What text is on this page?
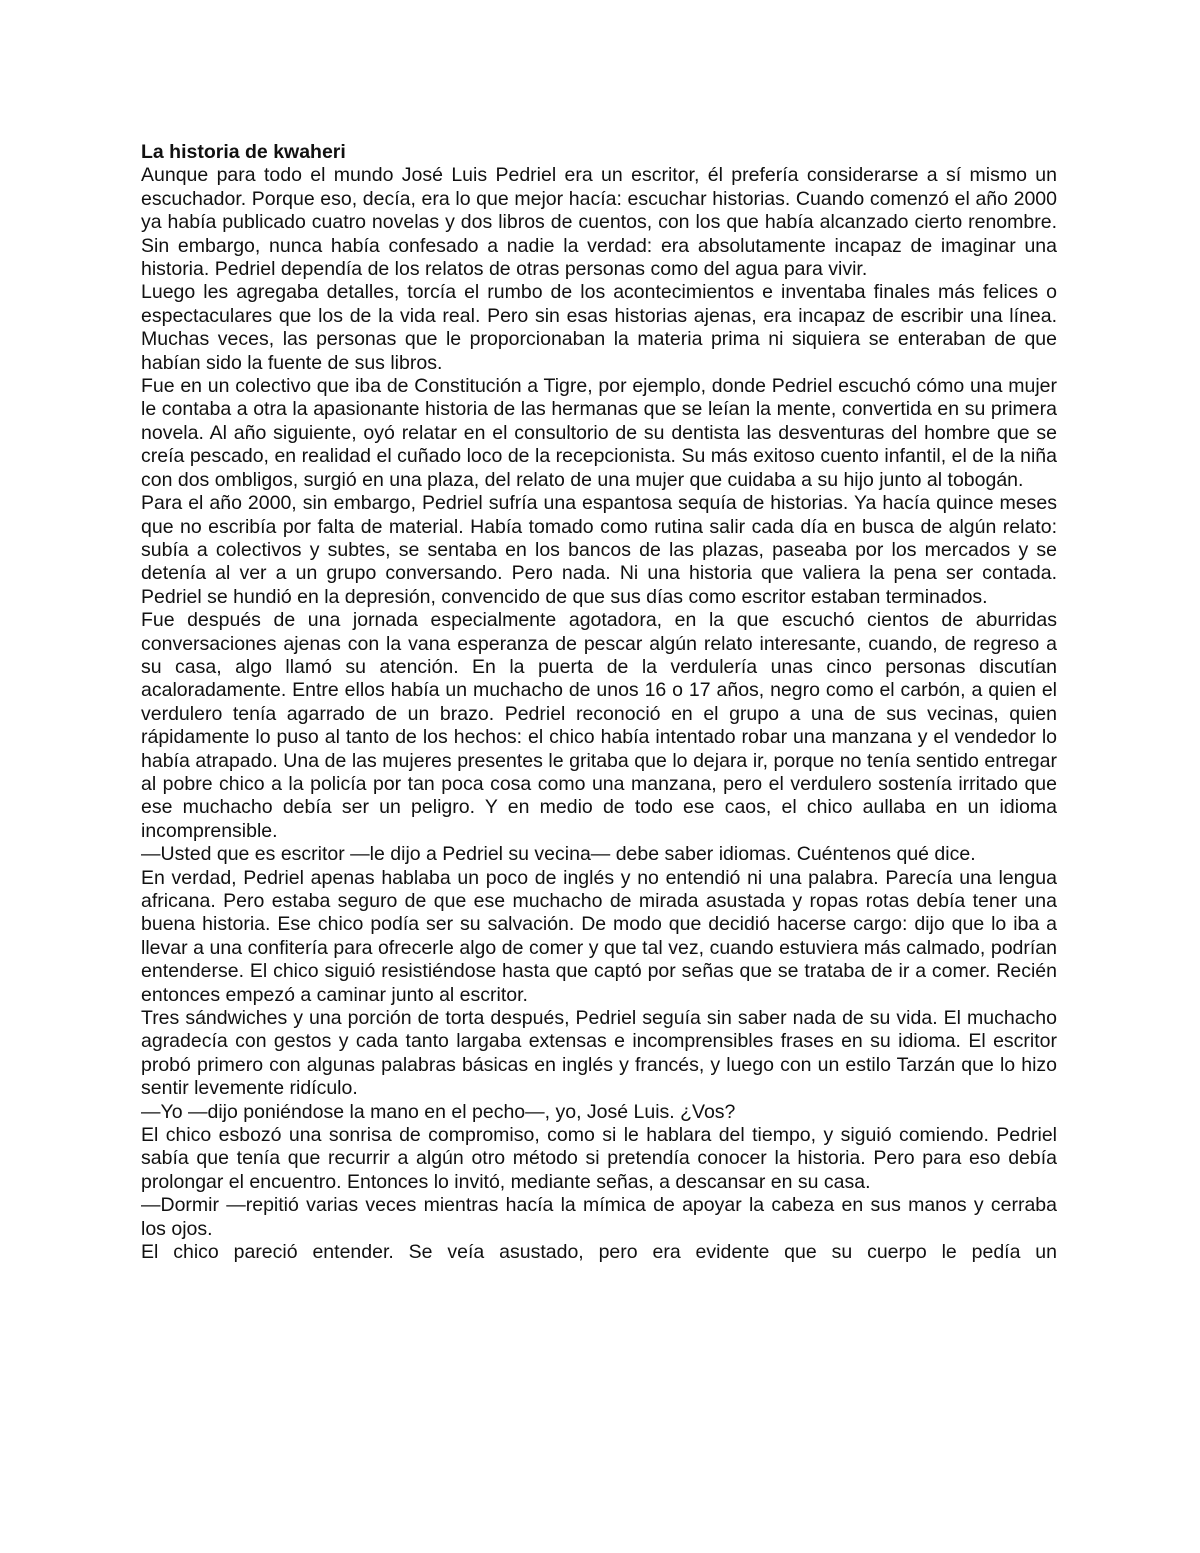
La historia de kwaheri

Aunque para todo el mundo José Luis Pedriel era un escritor, él prefería considerarse a sí mismo un escuchador. Porque eso, decía, era lo que mejor hacía: escuchar historias. Cuando comenzó el año 2000 ya había publicado cuatro novelas y dos libros de cuentos, con los que había alcanzado cierto renombre. Sin embargo, nunca había confesado a nadie la verdad: era absolutamente incapaz de imaginar una historia. Pedriel dependía de los relatos de otras personas como del agua para vivir.

Luego les agregaba detalles, torcía el rumbo de los acontecimientos e inventaba finales más felices o espectaculares que los de la vida real. Pero sin esas historias ajenas, era incapaz de escribir una línea. Muchas veces, las personas que le proporcionaban la materia prima ni siquiera se enteraban de que habían sido la fuente de sus libros.

Fue en un colectivo que iba de Constitución a Tigre, por ejemplo, donde Pedriel escuchó cómo una mujer le contaba a otra la apasionante historia de las hermanas que se leían la mente, convertida en su primera novela. Al año siguiente, oyó relatar en el consultorio de su dentista las desventuras del hombre que se creía pescado, en realidad el cuñado loco de la recepcionista. Su más exitoso cuento infantil, el de la niña con dos ombligos, surgió en una plaza, del relato de una mujer que cuidaba a su hijo junto al tobogán.

Para el año 2000, sin embargo, Pedriel sufría una espantosa sequía de historias. Ya hacía quince meses que no escribía por falta de material. Había tomado como rutina salir cada día en busca de algún relato: subía a colectivos y subtes, se sentaba en los bancos de las plazas, paseaba por los mercados y se detenía al ver a un grupo conversando. Pero nada. Ni una historia que valiera la pena ser contada. Pedriel se hundió en la depresión, convencido de que sus días como escritor estaban terminados.

Fue después de una jornada especialmente agotadora, en la que escuchó cientos de aburridas conversaciones ajenas con la vana esperanza de pescar algún relato interesante, cuando, de regreso a su casa, algo llamó su atención. En la puerta de la verdulería unas cinco personas discutían acaloradamente. Entre ellos había un muchacho de unos 16 o 17 años, negro como el carbón, a quien el verdulero tenía agarrado de un brazo. Pedriel reconoció en el grupo a una de sus vecinas, quien rápidamente lo puso al tanto de los hechos: el chico había intentado robar una manzana y el vendedor lo había atrapado. Una de las mujeres presentes le gritaba que lo dejara ir, porque no tenía sentido entregar al pobre chico a la policía por tan poca cosa como una manzana, pero el verdulero sostenía irritado que ese muchacho debía ser un peligro. Y en medio de todo ese caos, el chico aullaba en un idioma incomprensible.

—Usted que es escritor —le dijo a Pedriel su vecina— debe saber idiomas. Cuéntenos qué dice.

En verdad, Pedriel apenas hablaba un poco de inglés y no entendió ni una palabra. Parecía una lengua africana. Pero estaba seguro de que ese muchacho de mirada asustada y ropas rotas debía tener una buena historia. Ese chico podía ser su salvación. De modo que decidió hacerse cargo: dijo que lo iba a llevar a una confitería para ofrecerle algo de comer y que tal vez, cuando estuviera más calmado, podrían entenderse. El chico siguió resistiéndose hasta que captó por señas que se trataba de ir a comer. Recién entonces empezó a caminar junto al escritor.

Tres sándwiches y una porción de torta después, Pedriel seguía sin saber nada de su vida. El muchacho agradecía con gestos y cada tanto largaba extensas e incomprensibles frases en su idioma. El escritor probó primero con algunas palabras básicas en inglés y francés, y luego con un estilo Tarzán que lo hizo sentir levemente ridículo.

—Yo —dijo poniéndose la mano en el pecho—, yo, José Luis. ¿Vos?

El chico esbozó una sonrisa de compromiso, como si le hablara del tiempo, y siguió comiendo. Pedriel sabía que tenía que recurrir a algún otro método si pretendía conocer la historia. Pero para eso debía prolongar el encuentro. Entonces lo invitó, mediante señas, a descansar en su casa.

—Dormir —repitió varias veces mientras hacía la mímica de apoyar la cabeza en sus manos y cerraba los ojos.

El chico pareció entender. Se veía asustado, pero era evidente que su cuerpo le pedía un
